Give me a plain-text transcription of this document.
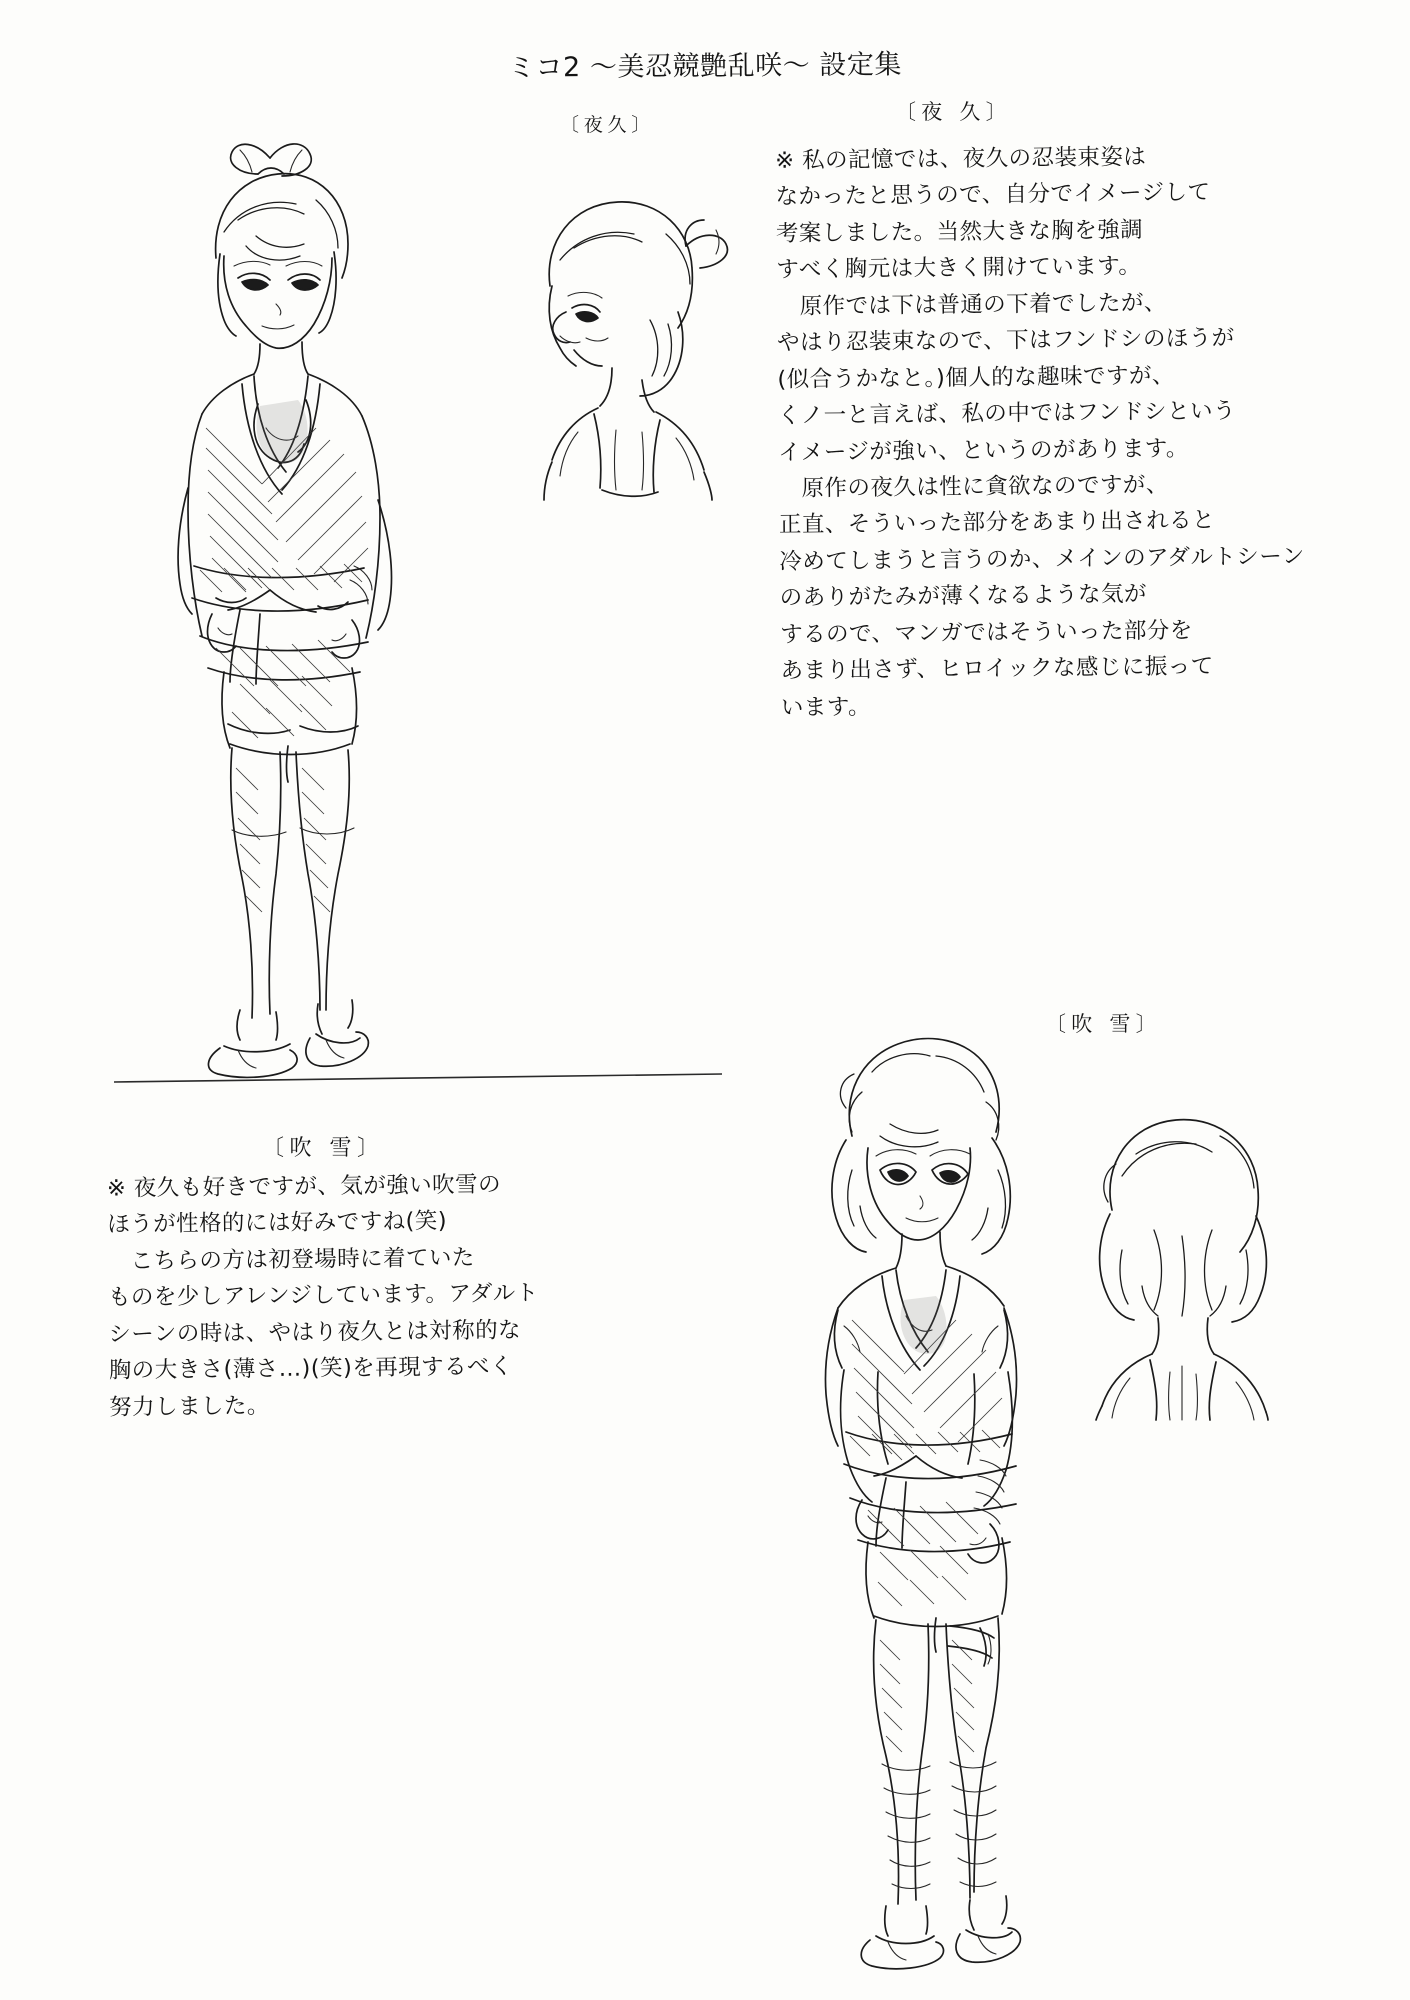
ミコ2 ～美忍競艶乱咲～ 設定集
〔夜久〕
〔夜 久〕
〔吹 雪〕
〔吹 雪〕
※ 私の記憶では、夜久の忍装束姿は
なかったと思うので、自分でイメージして
考案しました。当然大きな胸を強調
すべく胸元は大きく開けています。
　原作では下は普通の下着でしたが、
やはり忍装束なので、下はフンドシのほうが
(似合うかなと。)個人的な趣味ですが、
くノ一と言えば、私の中ではフンドシという
イメージが強い、というのがあります。
　原作の夜久は性に貪欲なのですが、
正直、そういった部分をあまり出されると
冷めてしまうと言うのか、メインのアダルトシーン
のありがたみが薄くなるような気が
するので、マンガではそういった部分を
あまり出さず、ヒロイックな感じに振って
います。
※ 夜久も好きですが、気が強い吹雪の
ほうが性格的には好みですね(笑)
　こちらの方は初登場時に着ていた
ものを少しアレンジしています。アダルト
シーンの時は、やはり夜久とは対称的な
胸の大きさ(薄さ…)(笑)を再現するべく
努力しました。
